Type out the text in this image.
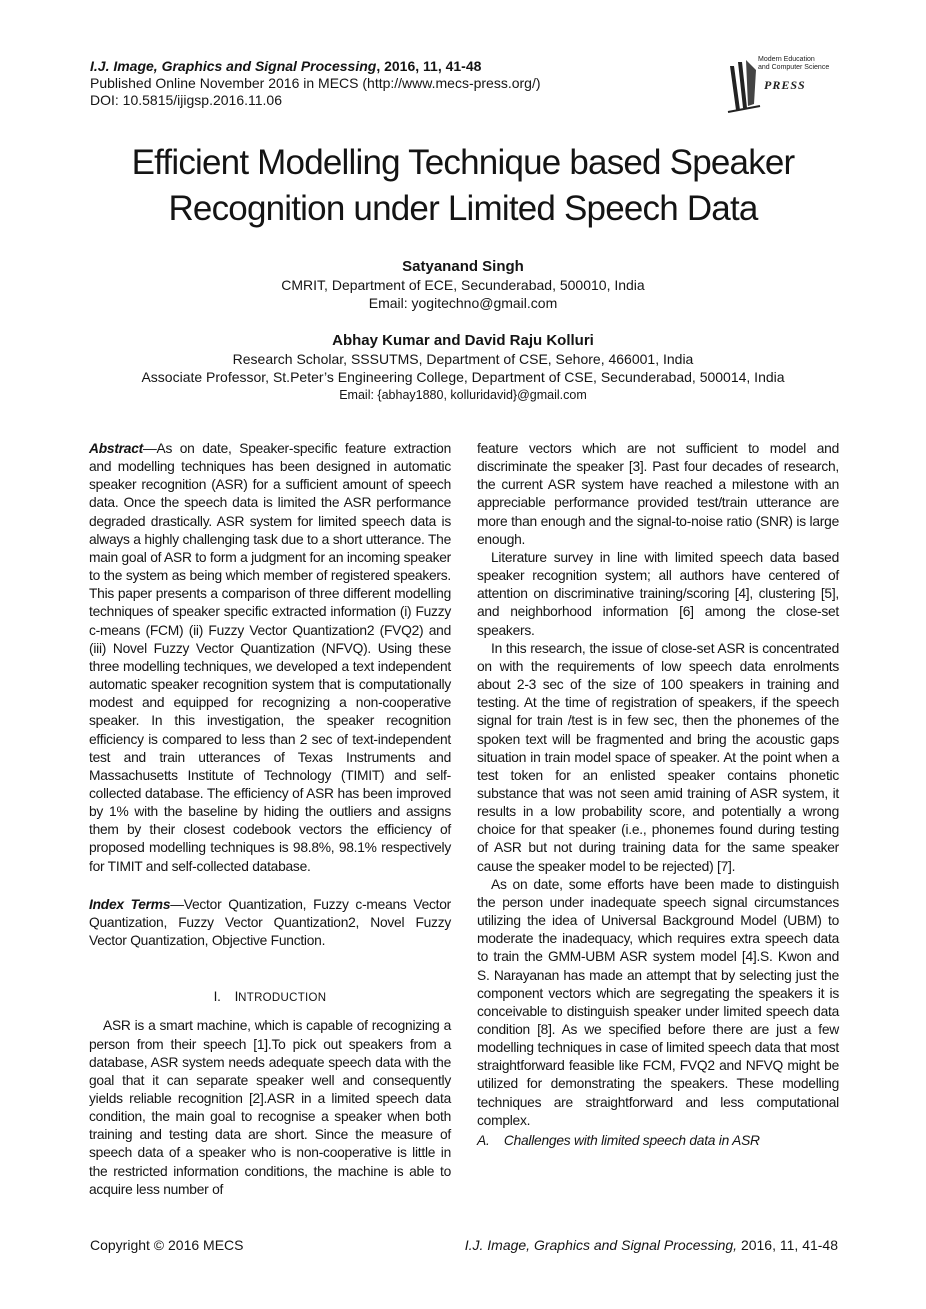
I.J. Image, Graphics and Signal Processing, 2016, 11, 41-48
Published Online November 2016 in MECS (http://www.mecs-press.org/)
DOI: 10.5815/ijigsp.2016.11.06
Modern Education
and Computer Science
PRESS
Efficient Modelling Technique based Speaker
Recognition under Limited Speech Data
Satyanand Singh
CMRIT, Department of ECE, Secunderabad, 500010, India
Email: yogitechno@gmail.com
Abhay Kumar and David Raju Kolluri
Research Scholar, SSSUTMS, Department of CSE, Sehore, 466001, India
Associate Professor, St.Peter’s Engineering College, Department of CSE, Secunderabad, 500014, India
Email: {abhay1880, kolluridavid}@gmail.com

Abstract—As on date, Speaker-specific feature extraction and modelling techniques has been designed in automatic speaker recognition (ASR) for a sufficient amount of speech data. Once the speech data is limited the ASR performance degraded drastically. ASR system for limited speech data is always a highly challenging task due to a short utterance. The main goal of ASR to form a judgment for an incoming speaker to the system as being which member of registered speakers. This paper presents a comparison of three different modelling techniques of speaker specific extracted information (i) Fuzzy c-means (FCM) (ii) Fuzzy Vector Quantization2 (FVQ2) and (iii) Novel Fuzzy Vector Quantization (NFVQ). Using these three modelling techniques, we developed a text independent automatic speaker recognition system that is computationally modest and equipped for recognizing a non-cooperative speaker. In this investigation, the speaker recognition efficiency is compared to less than 2 sec of text-independent test and train utterances of Texas Instruments and Massachusetts Institute of Technology (TIMIT) and self-collected database. The efficiency of ASR has been improved by 1% with the baseline by hiding the outliers and assigns them by their closest codebook vectors the efficiency of proposed modelling techniques is 98.8%, 98.1% respectively for TIMIT and self-collected database.

Index Terms—Vector Quantization, Fuzzy c-means Vector Quantization, Fuzzy Vector Quantization2, Novel Fuzzy Vector Quantization, Objective Function.

I. INTRODUCTION

ASR is a smart machine, which is capable of recognizing a person from their speech [1].To pick out speakers from a database, ASR system needs adequate speech data with the goal that it can separate speaker well and consequently yields reliable recognition [2].ASR in a limited speech data condition, the main goal to recognise a speaker when both training and testing data are short. Since the measure of speech data of a speaker who is non-cooperative is little in the restricted information conditions, the machine is able to acquire less number of

feature vectors which are not sufficient to model and discriminate the speaker [3]. Past four decades of research, the current ASR system have reached a milestone with an appreciable performance provided test/train utterance are more than enough and the signal-to-noise ratio (SNR) is large enough.

Literature survey in line with limited speech data based speaker recognition system; all authors have centered of attention on discriminative training/scoring [4], clustering [5], and neighborhood information [6] among the close-set speakers.

In this research, the issue of close-set ASR is concentrated on with the requirements of low speech data enrolments about 2-3 sec of the size of 100 speakers in training and testing. At the time of registration of speakers, if the speech signal for train /test is in few sec, then the phonemes of the spoken text will be fragmented and bring the acoustic gaps situation in train model space of speaker. At the point when a test token for an enlisted speaker contains phonetic substance that was not seen amid training of ASR system, it results in a low probability score, and potentially a wrong choice for that speaker (i.e., phonemes found during testing of ASR but not during training data for the same speaker cause the speaker model to be rejected) [7].

As on date, some efforts have been made to distinguish the person under inadequate speech signal circumstances utilizing the idea of Universal Background Model (UBM) to moderate the inadequacy, which requires extra speech data to train the GMM-UBM ASR system model [4].S. Kwon and S. Narayanan has made an attempt that by selecting just the component vectors which are segregating the speakers it is conceivable to distinguish speaker under limited speech data condition [8]. As we specified before there are just a few modelling techniques in case of limited speech data that most straightforward feasible like FCM, FVQ2 and NFVQ might be utilized for demonstrating the speakers. These modelling techniques are straightforward and less computational complex.

A.    Challenges with limited speech data in ASR

Copyright © 2016 MECS	I.J. Image, Graphics and Signal Processing, 2016, 11, 41-48
